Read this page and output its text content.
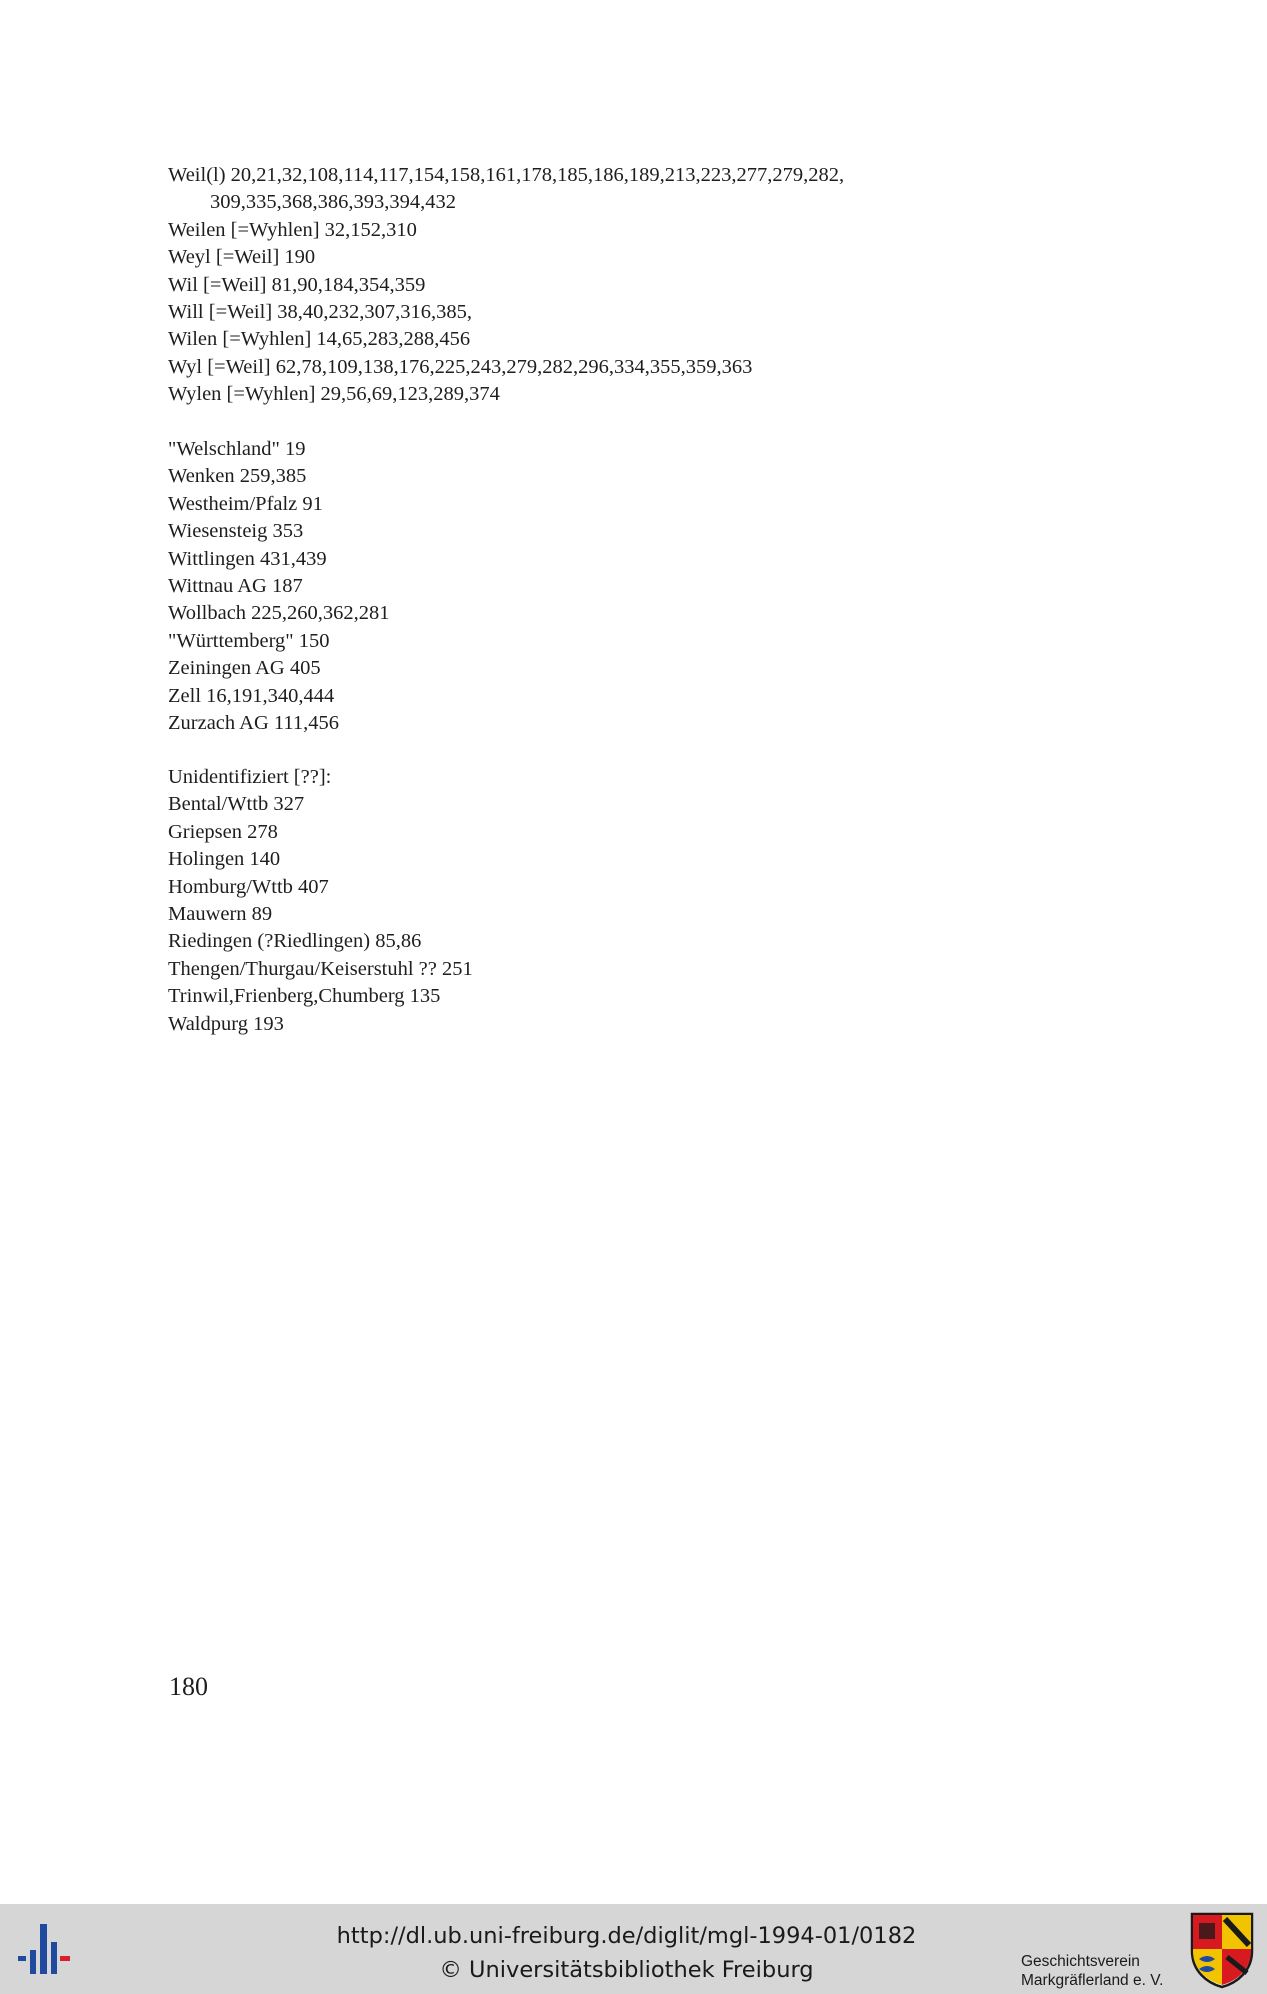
Weil(l) 20,21,32,108,114,117,154,158,161,178,185,186,189,213,223,277,279,282,
309,335,368,386,393,394,432
Weilen [=Wyhlen] 32,152,310
Weyl [=Weil] 190
Wil [=Weil] 81,90,184,354,359
Will [=Weil] 38,40,232,307,316,385,
Wilen [=Wyhlen] 14,65,283,288,456
Wyl [=Weil] 62,78,109,138,176,225,243,279,282,296,334,355,359,363
Wylen [=Wyhlen] 29,56,69,123,289,374
"Welschland" 19
Wenken 259,385
Westheim/Pfalz 91
Wiesensteig 353
Wittlingen 431,439
Wittnau AG 187
Wollbach 225,260,362,281
"Württemberg" 150
Zeiningen AG 405
Zell 16,191,340,444
Zurzach AG 111,456
Unidentifiziert [??]:
Bental/Wttb 327
Griepsen 278
Holingen 140
Homburg/Wttb 407
Mauwern 89
Riedingen (?Riedlingen) 85,86
Thengen/Thurgau/Keiserstuhl ?? 251
Trinwil,Frienberg,Chumberg 135
Waldpurg 193
180
http://dl.ub.uni-freiburg.de/diglit/mgl-1994-01/0182
© Universitätsbibliothek Freiburg	Geschichtsverein
Markgräflerland e. V.
